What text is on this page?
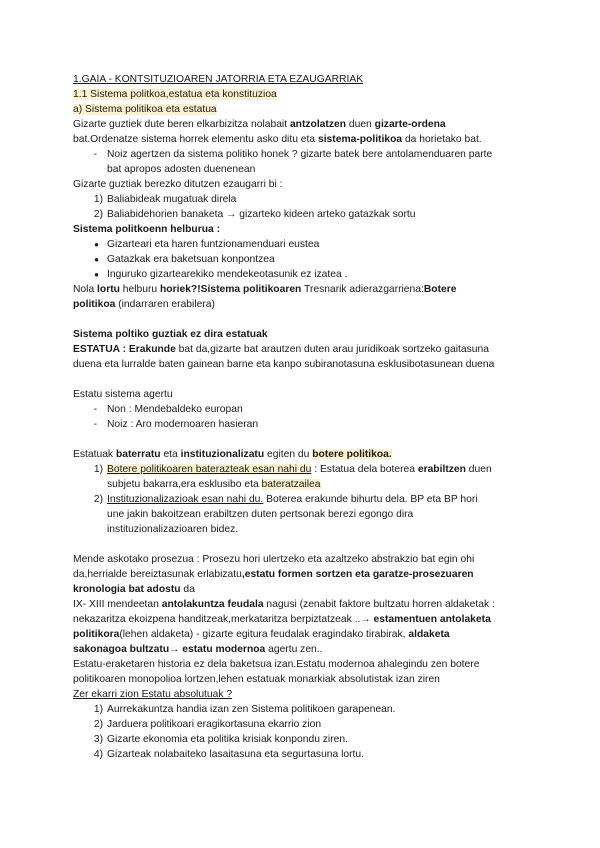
1.GAIA - KONTSITUZIOAREN JATORRIA ETA EZAUGARRIAK
1.1 Sistema politkoa,estatua eta konstituzioa
a) Sistema politikoa eta estatua
Gizarte guztiek dute beren elkarbizitza nolabait antzolatzen duen gizarte-ordena
bat.Ordenatze sistema horrek elementu asko ditu eta sistema-politikoa da horietako bat.
- Noiz agertzen da sistema politiko honek ? gizarte batek bere antolamenduaren parte
bat apropos adosten duenenean
Gizarte guztiak berezko ditutzen ezaugarri bi :
1) Baliabideak mugatuak direla
2) Baliabidehorien banaketa → gizarteko kideen arteko gatazkak sortu
Sistema politkoenn helburua :
● Gizarteari eta haren funtzionamenduari eustea
● Gatazkak era baketsuan konpontzea
● Inguruko gizartearekiko mendekeotasunik ez izatea .
Nola lortu helburu horiek?!Sistema politikoaren Tresnarik adierazgarriena:Botere
politikoa (indarraren erabilera)
Sistema poltiko guztiak ez dira estatuak
ESTATUA : Erakunde bat da,gizarte bat arautzen duten arau juridikoak sortzeko gaitasuna
duena eta lurralde baten gainean barne eta kanpo subiranotasuna esklusibotasunean duena
Estatu sistema agertu
- Non : Mendebaldeko europan
- Noiz : Aro modernoaren hasieran
Estatuak baterratu eta instituzionalizatu egiten du botere politikoa.
1) Botere politikoaren baterazteak esan nahi du : Estatua dela boterea erabiltzen duen
subjetu bakarra,era esklusibo eta bateratzailea
2) Instituzionalizazioak esan nahi du. Boterea erakunde bihurtu dela. BP eta BP hori
une jakin bakoitzean erabiltzen duten pertsonak berezi egongo dira
instituzionalizazioaren bidez.
Mende askotako prosezua : Prosezu hori ulertzeko eta azaltzeko abstrakzio bat egin ohi
da,herrialde bereiztasunak erlabizatu,estatu formen sortzen eta garatze-prosezuaren
kronologia bat adostu da
IX- XIII mendeetan antolakuntza feudala nagusi (zenabit faktore bultzatu horren aldaketak :
nekazaritza ekoizpena handitzeak,merkataritza berpiztatzeak ..→ estamentuen antolaketa
politikora(lehen aldaketa) - gizarte egitura feudalak eragindako tirabirak, aldaketa
sakonagoa bultzatu→ estatu modernoa agertu zen..
Estatu-eraketaren historia ez dela baketsua izan.Estatu modernoa ahalegindu zen botere
politikoaren monopolioa lortzen,lehen estatuak monarkiak absolutistak izan ziren
Zer ekarri zion Estatu absolutuak ?
1) Aurrekakuntza handia izan zen Sistema politikoen garapenean.
2) Jarduera politikoari eragikortasuna ekarrio zion
3) Gizarte ekonomia eta politika krisiak konpondu ziren.
4) Gizarteak nolabaiteko lasaitasuna eta segurtasuna lortu.
